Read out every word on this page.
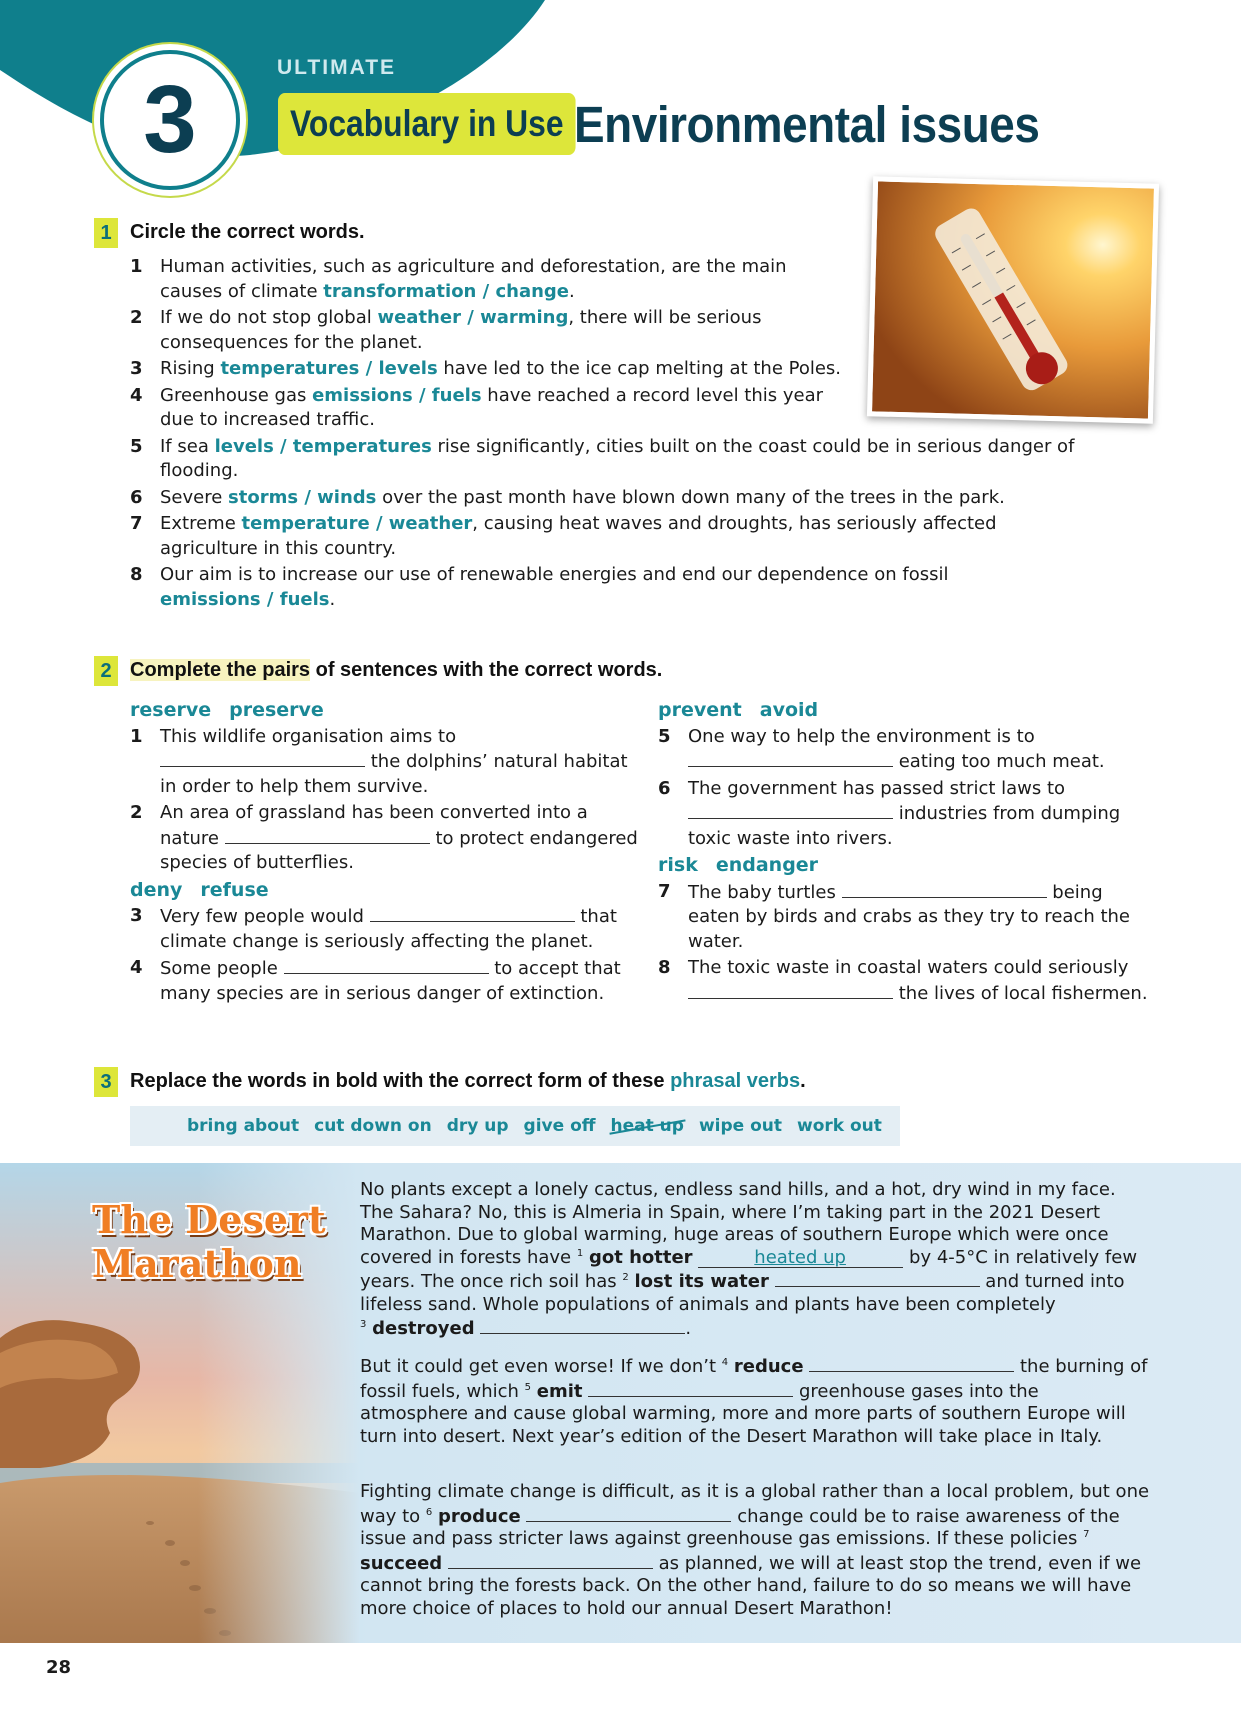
3	ULTIMATE
Vocabulary in Use Environmental issues
1 Circle the correct words.
1 Human activities, such as agriculture and deforestation, are the main causes of climate transformation / change.
2 If we do not stop global weather / warming, there will be serious consequences for the planet.
3 Rising temperatures / levels have led to the ice cap melting at the Poles.
4 Greenhouse gas emissions / fuels have reached a record level this year due to increased traffic.
5 If sea levels / temperatures rise significantly, cities built on the coast could be in serious danger of flooding.
6 Severe storms / winds over the past month have blown down many of the trees in the park.
7 Extreme temperature / weather, causing heat waves and droughts, has seriously affected agriculture in this country.
8 Our aim is to increase our use of renewable energies and end our dependence on fossil emissions / fuels.
2 Complete the pairs of sentences with the correct words.
reserve preserve
1 This wildlife organisation aims to
the dolphins’ natural habitat in order to help them survive.
2 An area of grassland has been converted into a nature	to protect endangered species of butterflies.
deny refuse
3 Very few people would	that climate change is seriously affecting the planet.
4 Some people	to accept that many species are in serious danger of extinction.
prevent avoid
5 One way to help the environment is to
eating too much meat.
6 The government has passed strict laws to
industries from dumping toxic waste into rivers.
risk endanger
7 The baby turtles	being eaten by birds and crabs as they try to reach the water.
8 The toxic waste in coastal waters could seriously  the lives of local fishermen.
3 Replace the words in bold with the correct form of these phrasal verbs.
bring about cut down on dry up give off heat up wipe out work out
The Desert
Marathon
No plants except a lonely cactus, endless sand hills, and a hot, dry wind in my face. The Sahara? No, this is Almeria in Spain, where I’m taking part in the 2021 Desert Marathon. Due to global warming, huge areas of southern Europe which were once covered in forests have $^1$ got hotter	heated up	by 4-5°C in relatively few years. The once rich soil has $^2$ lost its water	and turned into lifeless sand. Whole populations of animals and plants have been completely
$^3$ destroyed	.
But it could get even worse! If we don’t $^4$ reduce	the burning of fossil fuels, which $^5$ emit	greenhouse gases into the atmosphere and cause global warming, more and more parts of southern Europe will turn into desert. Next year’s edition of the Desert Marathon will take place in Italy.
Fighting climate change is difficult, as it is a global rather than a local problem, but one way to $^6$ produce	change could be to raise awareness of the issue and pass stricter laws against greenhouse gas emissions. If these policies $^7$ succeed	as planned, we will at least stop the trend, even if we cannot bring the forests back. On the other hand, failure to do so means we will have more choice of places to hold our annual Desert Marathon!
28
